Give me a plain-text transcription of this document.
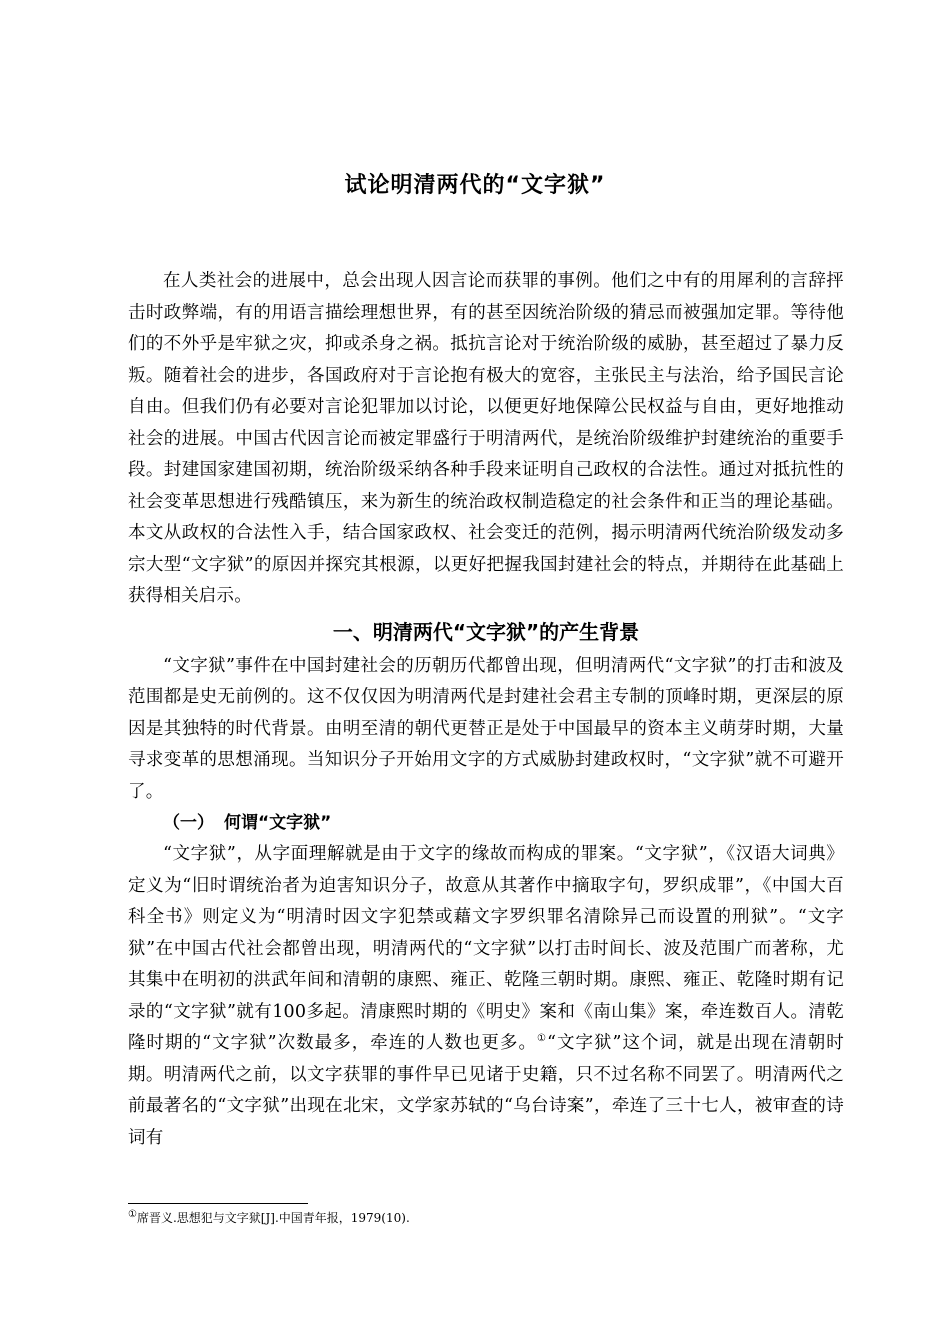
试论明清两代的“文字狱”

在人类社会的进展中，总会出现人因言论而获罪的事例。他们之中有的用犀利的言辞抨击时政弊端，有的用语言描绘理想世界，有的甚至因统治阶级的猜忌而被强加定罪。等待他们的不外乎是牢狱之灾，抑或杀身之祸。抵抗言论对于统治阶级的威胁，甚至超过了暴力反叛。随着社会的进步，各国政府对于言论抱有极大的宽容，主张民主与法治，给予国民言论自由。但我们仍有必要对言论犯罪加以讨论，以便更好地保障公民权益与自由，更好地推动社会的进展。中国古代因言论而被定罪盛行于明清两代，是统治阶级维护封建统治的重要手段。封建国家建国初期，统治阶级采纳各种手段来证明自己政权的合法性。通过对抵抗性的社会变革思想进行残酷镇压，来为新生的统治政权制造稳定的社会条件和正当的理论基础。本文从政权的合法性入手，结合国家政权、社会变迁的范例，揭示明清两代统治阶级发动多宗大型“文字狱”的原因并探究其根源，以更好把握我国封建社会的特点，并期待在此基础上获得相关启示。

一、明清两代“文字狱”的产生背景

“文字狱”事件在中国封建社会的历朝历代都曾出现，但明清两代“文字狱”的打击和波及范围都是史无前例的。这不仅仅因为明清两代是封建社会君主专制的顶峰时期，更深层的原因是其独特的时代背景。由明至清的朝代更替正是处于中国最早的资本主义萌芽时期，大量寻求变革的思想涌现。当知识分子开始用文字的方式威胁封建政权时，“文字狱”就不可避开了。

（一） 何谓“文字狱”

“文字狱”，从字面理解就是由于文字的缘故而构成的罪案。“文字狱”，《汉语大词典》定义为“旧时谓统治者为迫害知识分子，故意从其著作中摘取字句，罗织成罪”，《中国大百科全书》则定义为“明清时因文字犯禁或藉文字罗织罪名清除异己而设置的刑狱”。“文字狱”在中国古代社会都曾出现，明清两代的“文字狱”以打击时间长、波及范围广而著称，尤其集中在明初的洪武年间和清朝的康熙、雍正、乾隆三朝时期。康熙、雍正、乾隆时期有记录的“文字狱”就有100多起。清康熙时期的《明史》案和《南山集》案，牵连数百人。清乾隆时期的“文字狱”次数最多，牵连的人数也更多。①“文字狱”这个词，就是出现在清朝时期。明清两代之前，以文字获罪的事件早已见诸于史籍，只不过名称不同罢了。明清两代之前最著名的“文字狱”出现在北宋，文学家苏轼的“乌台诗案”，牵连了三十七人，被审查的诗词有

①席晋义.思想犯与文字狱[J].中国青年报，1979(10).
